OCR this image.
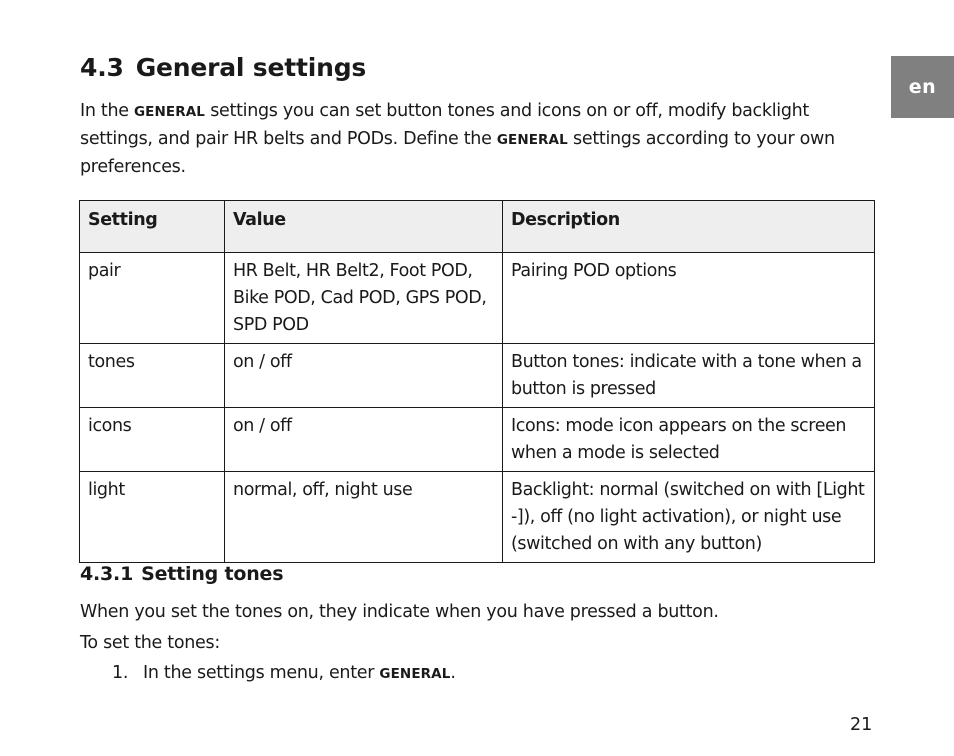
en
4.3 General settings

In the GENERAL settings you can set button tones and icons on or off, modify backlight settings, and pair HR belts and PODs. Define the GENERAL settings according to your own preferences.

Setting	Value	Description
pair	HR Belt, HR Belt2, Foot POD, Bike POD, Cad POD, GPS POD, SPD POD	Pairing POD options
tones	on / off	Button tones: indicate with a tone when a button is pressed
icons	on / off	Icons: mode icon appears on the screen when a mode is selected
light	normal, off, night use	Backlight: normal (switched on with [Light -]), off (no light activation), or night use (switched on with any button)
4.3.1 Setting tones

When you set the tones on, they indicate when you have pressed a button.

To set the tones:

1. In the settings menu, enter GENERAL.
21
